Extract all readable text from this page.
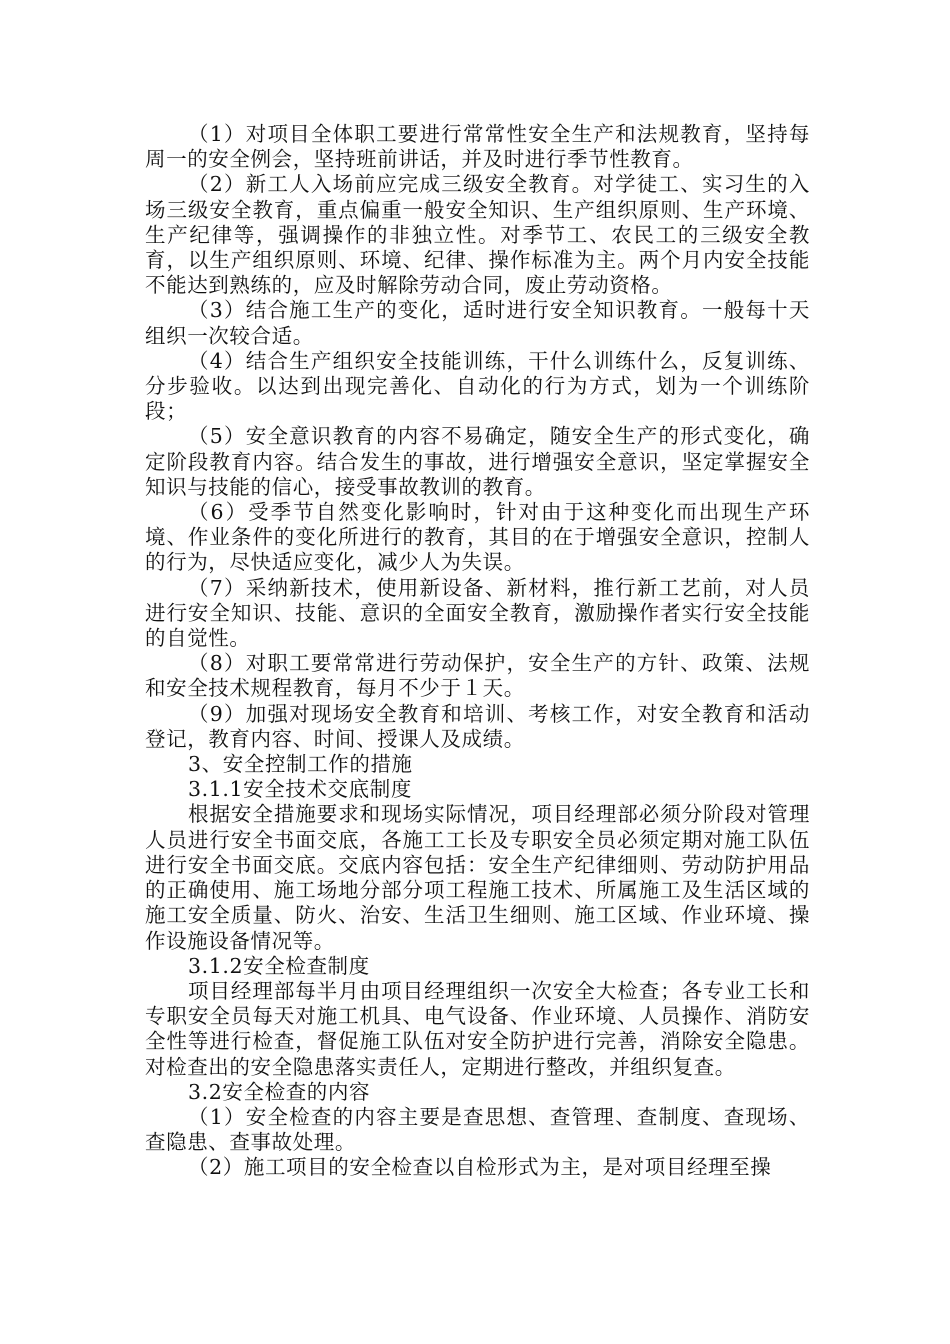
（1）对项目全体职工要进行常常性安全生产和法规教育，坚持每周一的安全例会，坚持班前讲话，并及时进行季节性教育。

（2）新工人入场前应完成三级安全教育。对学徒工、实习生的入场三级安全教育，重点偏重一般安全知识、生产组织原则、生产环境、生产纪律等，强调操作的非独立性。对季节工、农民工的三级安全教育，以生产组织原则、环境、纪律、操作标准为主。两个月内安全技能不能达到熟练的，应及时解除劳动合同，废止劳动资格。

（3）结合施工生产的变化，适时进行安全知识教育。一般每十天组织一次较合适。

（4）结合生产组织安全技能训练，干什么训练什么，反复训练、分步验收。以达到出现完善化、自动化的行为方式，划为一个训练阶段；

（5）安全意识教育的内容不易确定，随安全生产的形式变化，确定阶段教育内容。结合发生的事故，进行增强安全意识，坚定掌握安全知识与技能的信心，接受事故教训的教育。

（6）受季节自然变化影响时，针对由于这种变化而出现生产环境、作业条件的变化所进行的教育，其目的在于增强安全意识，控制人的行为，尽快适应变化，减少人为失误。

（7）采纳新技术，使用新设备、新材料，推行新工艺前，对人员进行安全知识、技能、意识的全面安全教育，激励操作者实行安全技能的自觉性。

（8）对职工要常常进行劳动保护，安全生产的方针、政策、法规和安全技术规程教育，每月不少于１天。

（9）加强对现场安全教育和培训、考核工作，对安全教育和活动登记，教育内容、时间、授课人及成绩。

3、安全控制工作的措施

3.1.1安全技术交底制度

根据安全措施要求和现场实际情况，项目经理部必须分阶段对管理人员进行安全书面交底，各施工工长及专职安全员必须定期对施工队伍进行安全书面交底。交底内容包括：安全生产纪律细则、劳动防护用品的正确使用、施工场地分部分项工程施工技术、所属施工及生活区域的施工安全质量、防火、治安、生活卫生细则、施工区域、作业环境、操作设施设备情况等。

3.1.2安全检查制度

项目经理部每半月由项目经理组织一次安全大检查；各专业工长和专职安全员每天对施工机具、电气设备、作业环境、人员操作、消防安全性等进行检查，督促施工队伍对安全防护进行完善，消除安全隐患。对检查出的安全隐患落实责任人，定期进行整改，并组织复查。

3.2安全检查的内容

（1）安全检查的内容主要是查思想、查管理、查制度、查现场、查隐患、查事故处理。

（2）施工项目的安全检查以自检形式为主，是对项目经理至操
